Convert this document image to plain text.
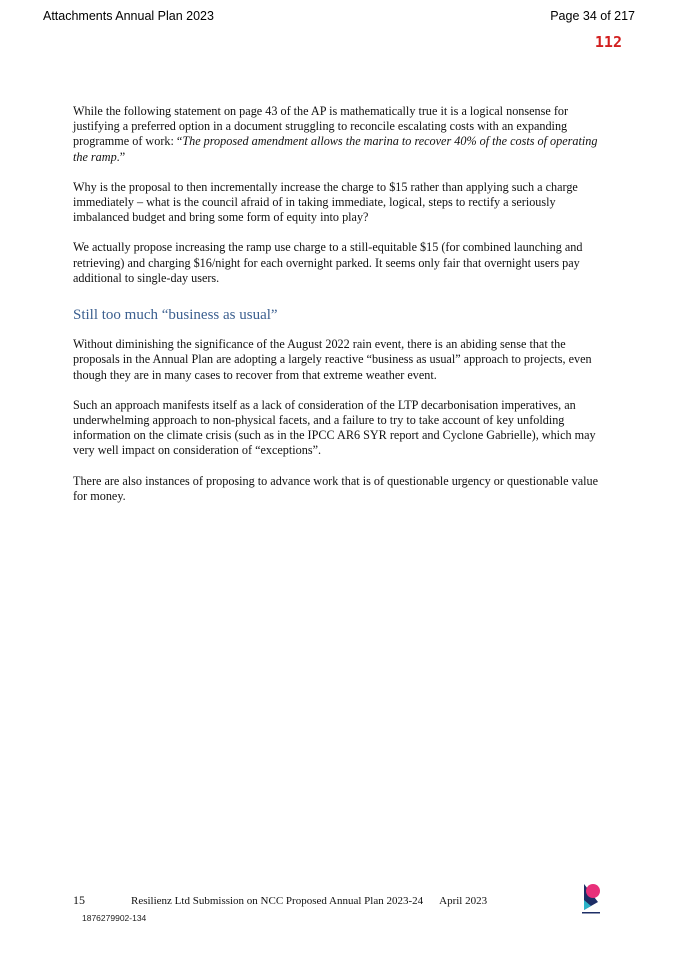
Attachments Annual Plan 2023	Page 34 of 217
112

While the following statement on page 43 of the AP is mathematically true it is a logical nonsense for justifying a preferred option in a document struggling to reconcile escalating costs with an expanding programme of work: “The proposed amendment allows the marina to recover 40% of the costs of operating the ramp.”

Why is the proposal to then incrementally increase the charge to $15 rather than applying such a charge immediately – what is the council afraid of in taking immediate, logical, steps to rectify a seriously imbalanced budget and bring some form of equity into play?

We actually propose increasing the ramp use charge to a still-equitable $15 (for combined launching and retrieving) and charging $16/night for each overnight parked. It seems only fair that overnight users pay additional to single-day users.

Still too much “business as usual”

Without diminishing the significance of the August 2022 rain event, there is an abiding sense that the proposals in the Annual Plan are adopting a largely reactive “business as usual” approach to projects, even though they are in many cases to recover from that extreme weather event.

Such an approach manifests itself as a lack of consideration of the LTP decarbonisation imperatives, an underwhelming approach to non-physical facets, and a failure to try to take account of key unfolding information on the climate crisis (such as in the IPCC AR6 SYR report and Cyclone Gabrielle), which may very well impact on consideration of “exceptions”.

There are also instances of proposing to advance work that is of questionable urgency or questionable value for money.

15	Resilienz Ltd Submission on NCC Proposed Annual Plan 2023-24 April 2023
1876279902-134
